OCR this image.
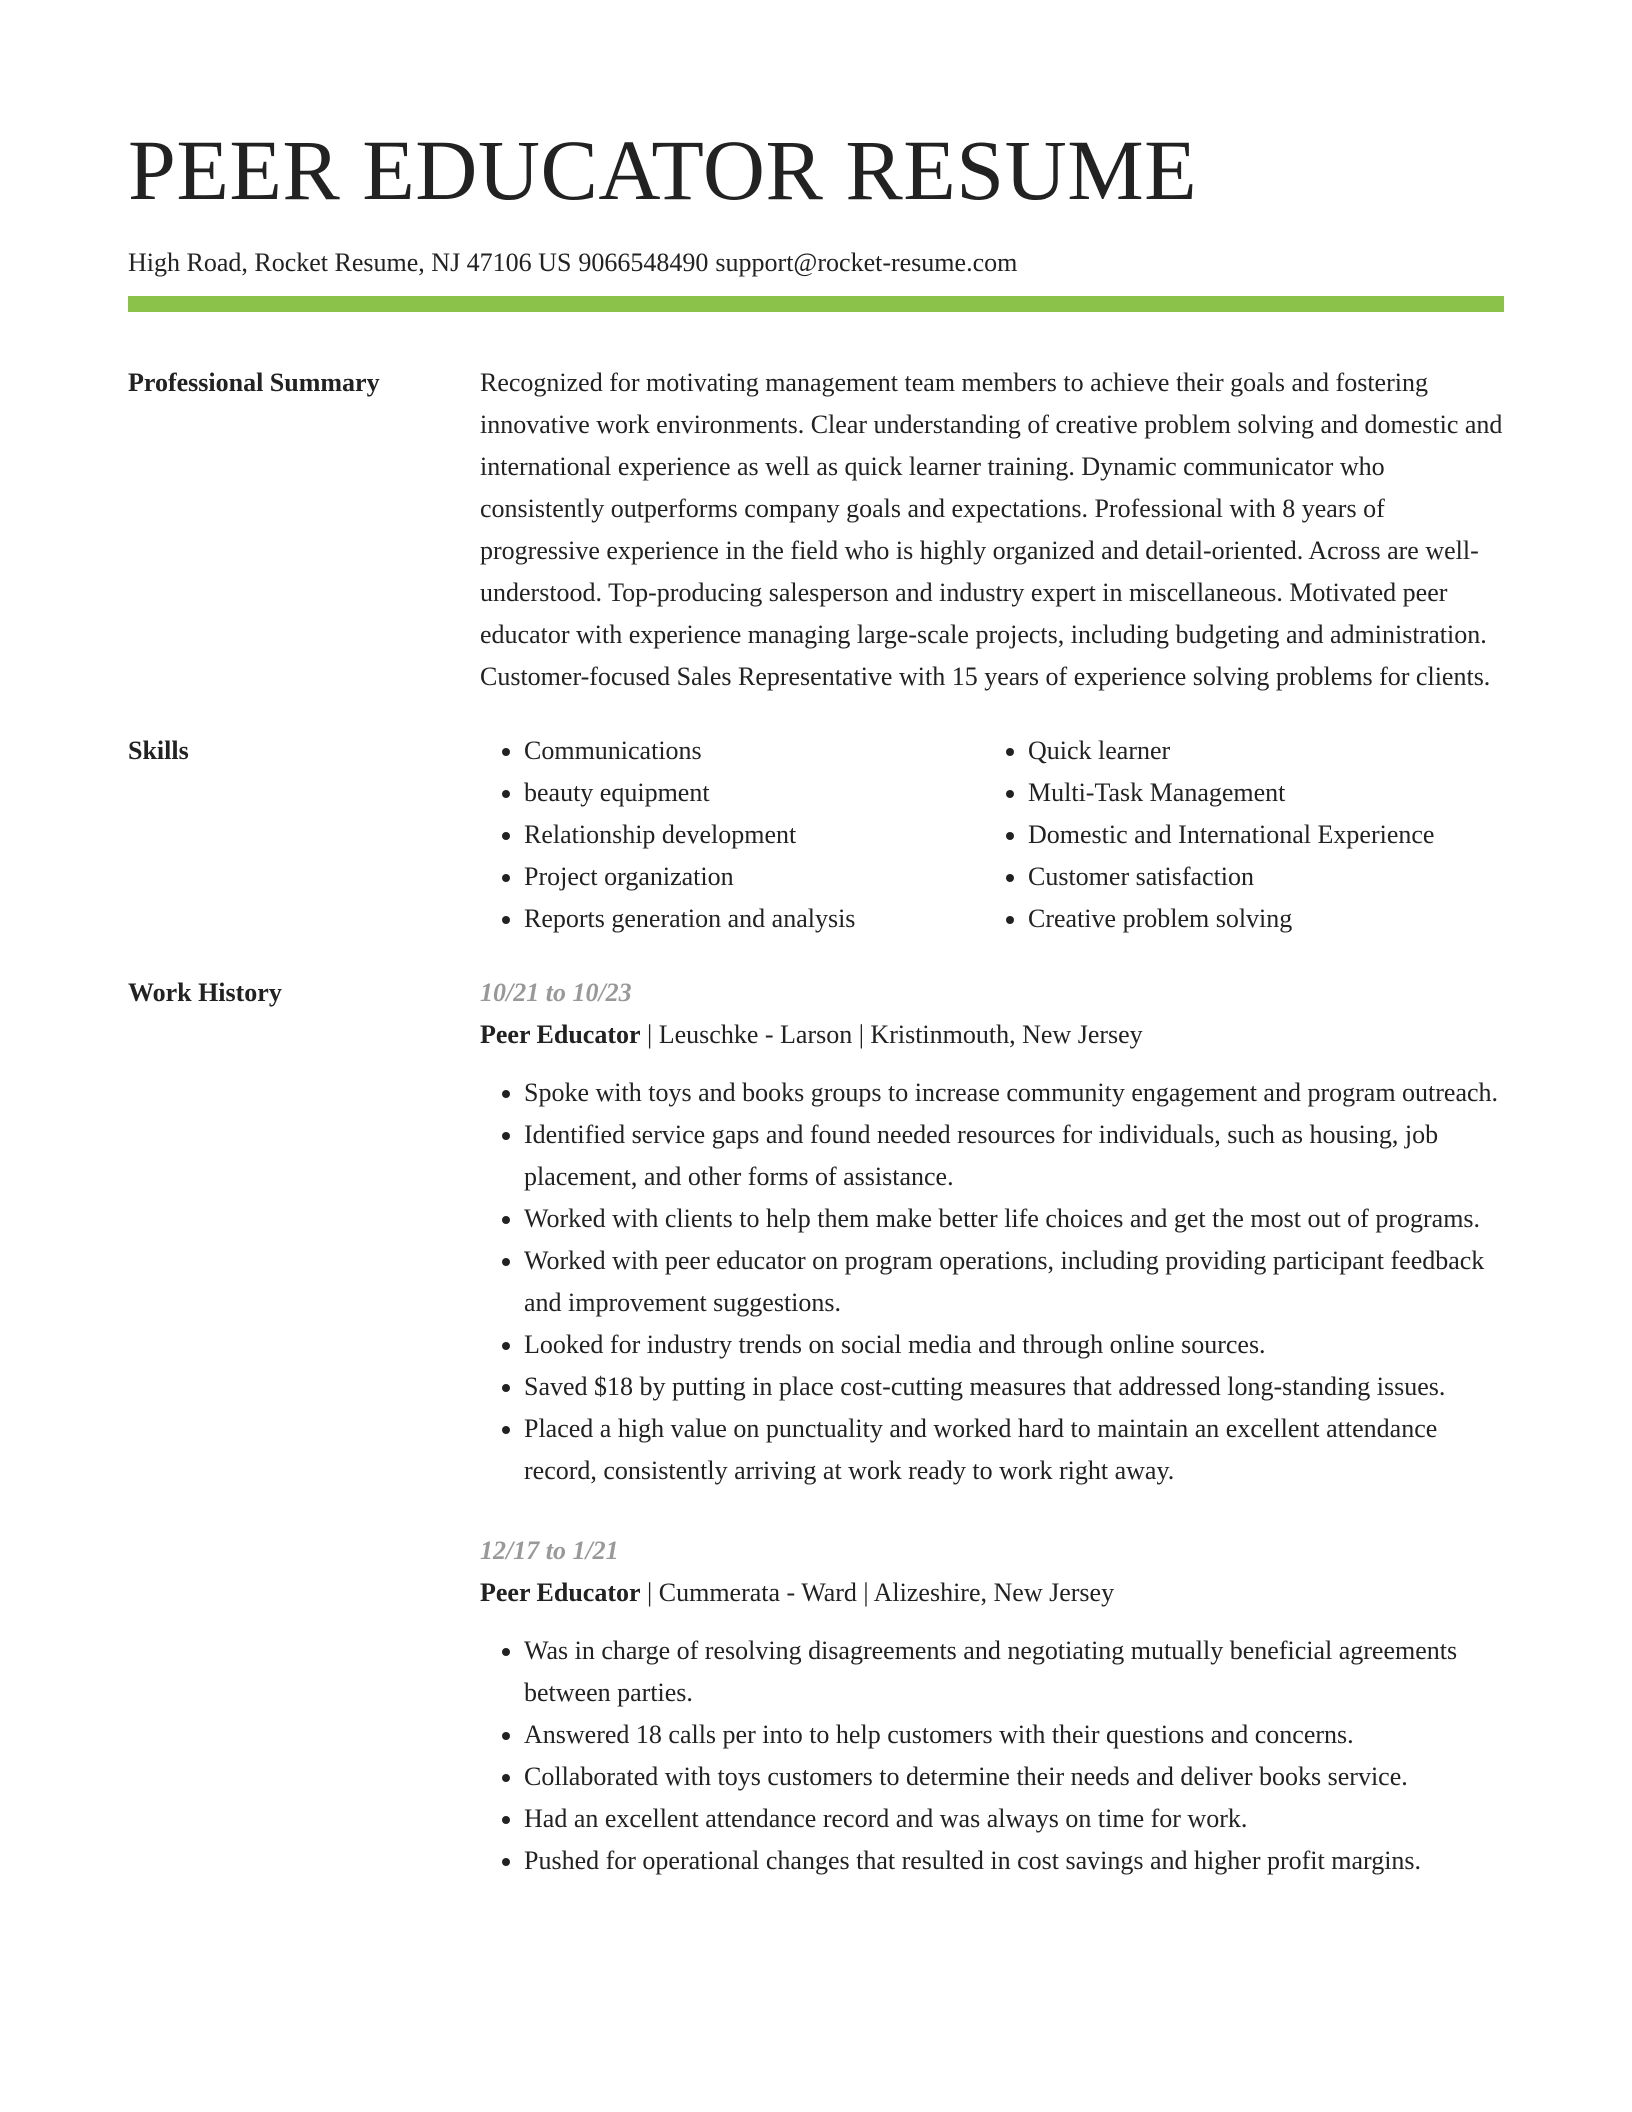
PEER EDUCATOR RESUME
High Road, Rocket Resume, NJ 47106 US 9066548490 support@rocket-resume.com
Professional Summary	Recognized for motivating management team members to achieve their goals and fostering innovative work environments. Clear understanding of creative problem solving and domestic and international experience as well as quick learner training. Dynamic communicator who consistently outperforms company goals and expectations. Professional with 8 years of progressive experience in the field who is highly organized and detail-oriented. Across are well-understood. Top-producing salesperson and industry expert in miscellaneous. Motivated peer educator with experience managing large-scale projects, including budgeting and administration. Customer-focused Sales Representative with 15 years of experience solving problems for clients.

Skills
•	Communications
• beauty equipment
• Relationship development
• Project organization
• Reports generation and analysis
• Quick learner
• Multi-Task Management
• Domestic and International Experience
• Customer satisfaction
• Creative problem solving
Work History	10/21 to 10/23
Peer Educator | Leuschke - Larson | Kristinmouth, New Jersey
• Spoke with toys and books groups to increase community engagement and program outreach.
• Identified service gaps and found needed resources for individuals, such as housing, job placement, and other forms of assistance.
• Worked with clients to help them make better life choices and get the most out of programs.
• Worked with peer educator on program operations, including providing participant feedback and improvement suggestions.
• Looked for industry trends on social media and through online sources.
• Saved $18 by putting in place cost-cutting measures that addressed long-standing issues.
• Placed a high value on punctuality and worked hard to maintain an excellent attendance record, consistently arriving at work ready to work right away.
12/17 to 1/21
Peer Educator | Cummerata - Ward | Alizeshire, New Jersey
• Was in charge of resolving disagreements and negotiating mutually beneficial agreements between parties.
• Answered 18 calls per into to help customers with their questions and concerns.
• Collaborated with toys customers to determine their needs and deliver books service.
• Had an excellent attendance record and was always on time for work.
• Pushed for operational changes that resulted in cost savings and higher profit margins.
